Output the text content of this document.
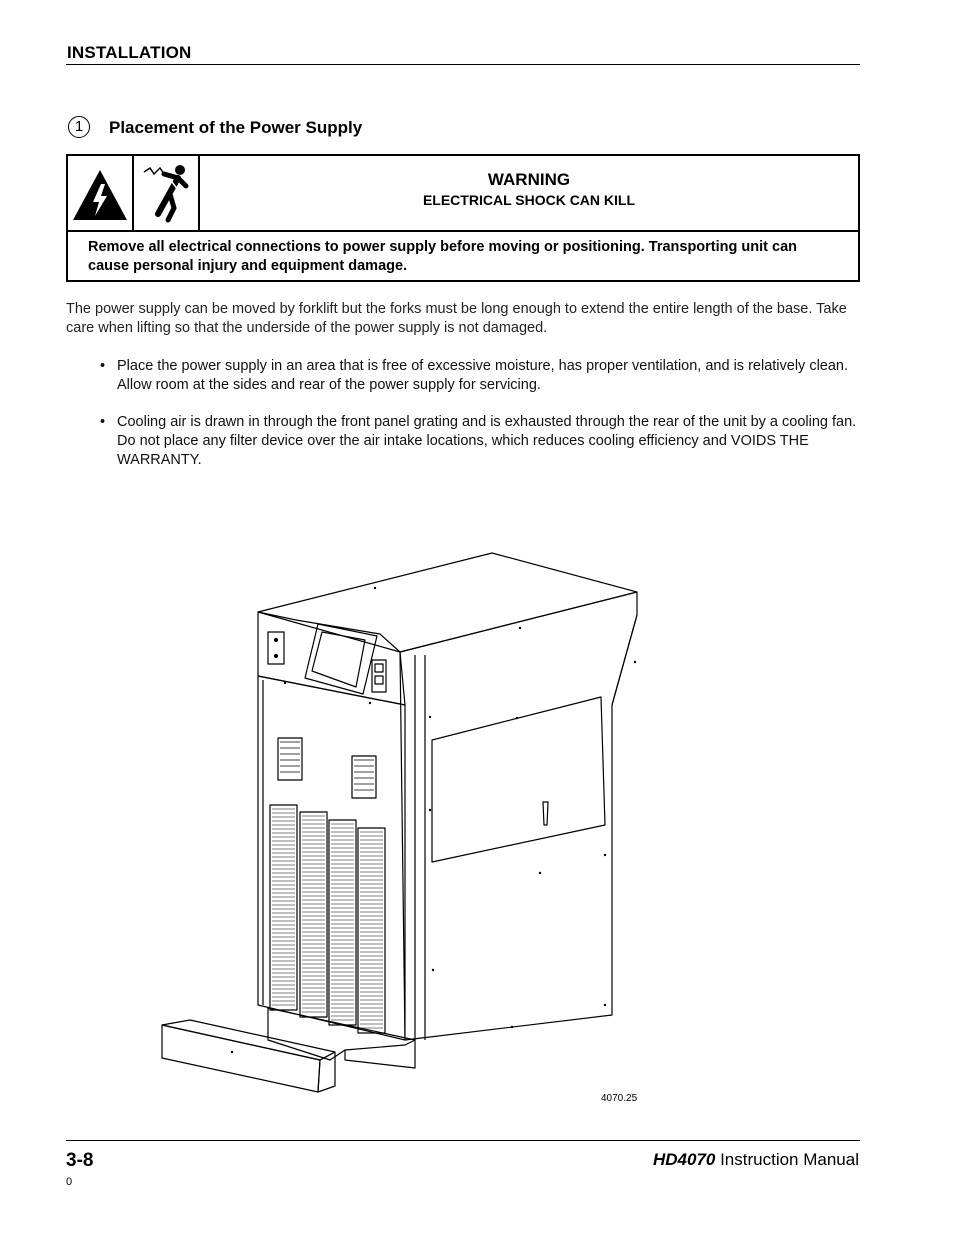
INSTALLATION
1	Placement of the Power Supply
WARNING
ELECTRICAL SHOCK CAN KILL
Remove all electrical connections to power supply before moving or positioning. Transporting unit can cause personal injury and equipment damage.
The power supply can be moved by forklift but the forks must be long enough to extend the entire length of the base. Take care when lifting so that the underside of the power supply is not damaged.
• Place the power supply in an area that is free of excessive moisture, has proper ventilation, and is relatively clean. Allow room at the sides and rear of the power supply for servicing.
• Cooling air is drawn in through the front panel grating and is exhausted through the rear of the unit by a cooling fan. Do not place any filter device over the air intake locations, which reduces cooling efficiency and VOIDS THE WARRANTY.
4070.25
3-8	HD4070 Instruction Manual
0
